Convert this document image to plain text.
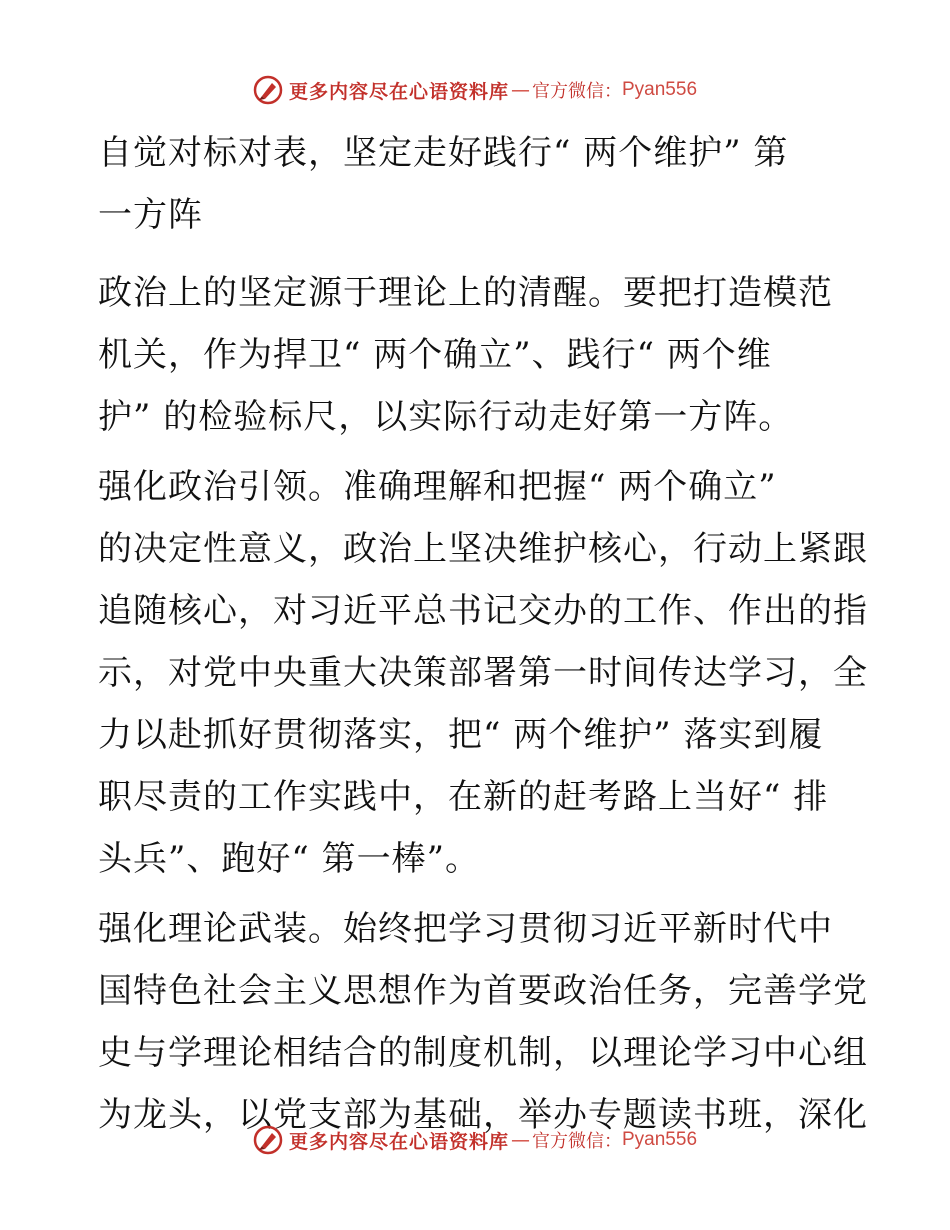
更多内容尽在心语资料库 — 官方微信： Pyan556
自觉对标对表，坚定走好践行“ 两个维护” 第
一方阵
政治上的坚定源于理论上的清醒。要把打造模范
机关，作为捍卫“ 两个确立”、践行“ 两个维
护” 的检验标尺，以实际行动走好第一方阵。
强化政治引领。准确理解和把握“ 两个确立”
的决定性意义，政治上坚决维护核心，行动上紧跟
追随核心，对习近平总书记交办的工作、作出的指
示，对党中央重大决策部署第一时间传达学习，全
力以赴抓好贯彻落实，把“ 两个维护” 落实到履
职尽责的工作实践中，在新的赶考路上当好“ 排
头兵”、跑好“ 第一棒”。
强化理论武装。始终把学习贯彻习近平新时代中
国特色社会主义思想作为首要政治任务，完善学党
史与学理论相结合的制度机制，以理论学习中心组
为龙头，以党支部为基础，举办专题读书班，深化
更多内容尽在心语资料库 — 官方微信： Pyan556
